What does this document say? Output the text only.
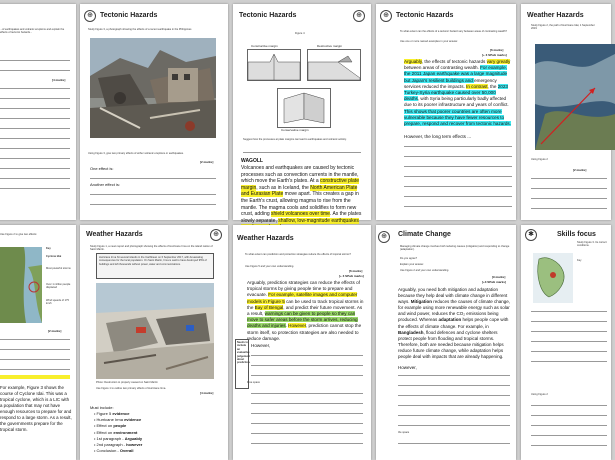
⊕	Tectonic Hazards
Study Figure 3, a photograph showing the effects of a recent earthquake in the Philippines
Using Figure 3, give two primary effects of either volcanic eruptions or earthquakes.
[2 marks]
One effect is:
Another effect is:
Tectonic Hazards	⊕
Figure 4
Constructive margin	Destructive margin
Conservative margin
Suggest how the processes at plate margins can lead to earthquakes and volcanic activity.
WAGOLL
Volcanoes and earthquakes are caused by tectonic processes such as convection currents in the mantle, which move the Earth's plates. At a constructive plate margin, such as in Iceland, the North American Plate and Eurasian Plate move apart. This creates a gap in the Earth's crust, allowing magma to rise from the mantle. The magma cools and solidifies to form new crust, adding shield volcanoes over time. As the plates slowly separate, shallow, low-magnitude earthquakes
⊕	Tectonic Hazards
To what extent can the effects of a tectonic hazard vary between areas of contrasting wealth?
Use one or more named examples in your answer.
[6 marks]
[+ 3 SPaG marks]
Arguably, the effects of tectonic hazards vary greatly between areas of contrasting wealth. For example, the 2011 Japan earthquake was a large magnitude but Japan's resilient buildings and emergency services reduced the impacts. In contrast, the 2023 Turkey-Syria earthquake caused over 50,000 deaths, with Syria being particularly badly affected due to its poorer infrastructure and years of conflict. This shows that poorer countries are often more vulnerable because they have fewer resources to prepare, respond and recover from tectonic hazards.
However, the long term effects ...
Weather Hazards
Study Figure 2, the path of Hurricane Idai, 1 September 2019
Using Figure 2
[2 marks]
...of earthquakes and volcanic eruptions and explain the effects of tectonic hazards...
[4 marks]
Use Figure 2 to give two effects:
Key
Cyclone Idai
Most powerful storms
Over 1 million people displaced
Wind speeds of 175 km/h
[2 marks]
For example, Figure 3 shows the course of Cyclone Idai. This was a tropical cyclone, which is a LIC with a population that may not have enough resources to prepare for and respond to a large storm. As a result, the governments prepare for the tropical storm.
Weather Hazards	⊕
Study Figure 1, a news report and photograph showing the effects of Hurricane Irma on the island nation of Saint Martin.
Hurricane Irma hit several islands in the Caribbean on 6 September 2017, with devastating consequences for the local population. On Saint Martin, Irma is said to have destroyed 95% of buildings and left thousands without power, water and communications.
Photo: Destruction to property caused on Saint Martin
Use Figure 1 to outline two primary effects of Hurricane Irma.
[4 marks]
Must include:
• Figure 5 evidence
• Hurricane Irma evidence
• Effect on people
• Effect on environment
• 1st paragraph - Arguably
• 2nd paragraph - however
• Conclusion - Overall
Weather Hazards
To what extent can prediction and protection strategies reduce the effects of tropical storms?
Use Figure 5 and your own understanding.
[6 marks]
[+ 3 SPaG marks]
Arguably, prediction strategies can reduce the effects of tropical storms by giving people time to prepare and evacuate. For example, satellite images and computer models in Figure 5 can be used to track tropical storms in the Bay of Bengal, and predict their future movement. As a result, warnings can be given to people so they can move to safer areas before the storm arrives, reducing deaths and injuries. However, prediction cannot stop the storm itself, so protection strategies are also needed to reduce damage.
Needs to include an evaluative judgement about prediction.
However,
Free space
⊕	Climate Change
Managing climate change involves both reducing causes (mitigation) and responding to change (adaptation).
Do you agree?
Explain your answer.
Use Figure 2 and your own understanding.
[9 marks]
[+3 SPaG marks]
Arguably, you need both mitigation and adaptation because they help deal with climate change in different ways. Mitigation reduces the causes of climate change, for example using more renewable energy such as solar and wind power, reduces the CO₂ emissions being produced. Whereas adaptation helps people cope with the effects of climate change. For example, in Bangladesh, flood defences and cyclone shelters protect people from flooding and tropical storms. Therefore, both are needed because mitigation helps reduce future climate change, while adaptation helps people deal with impacts that are already happening.
However,
the space
✱	Skills focus
Study Figure 3. Its correct conditions.
Key
Using Figure 2
